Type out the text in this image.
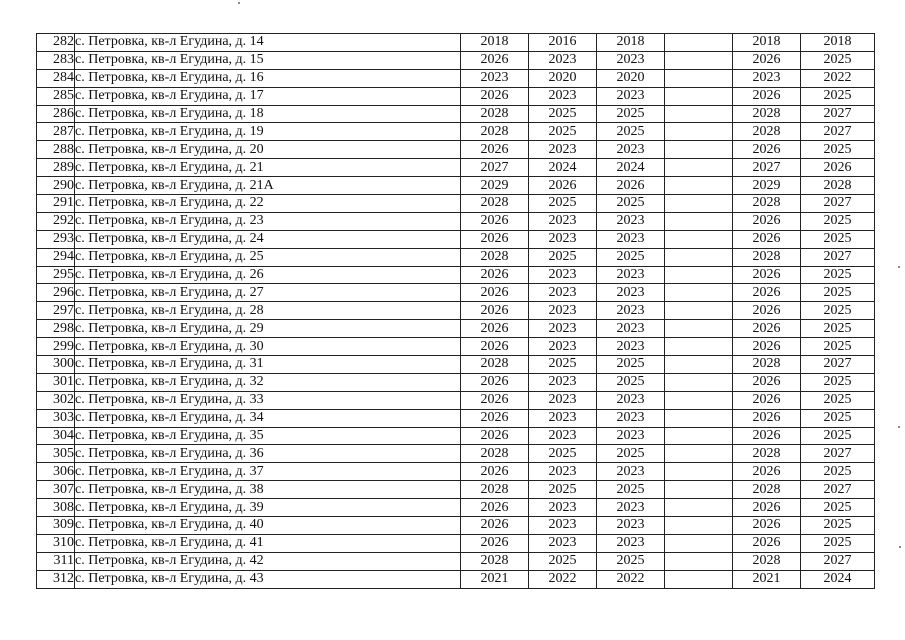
282	с. Петровка, кв-л Егудина, д. 14	2018	2016	2018		2018	2018
283	с. Петровка, кв-л Егудина, д. 15	2026	2023	2023		2026	2025
284	с. Петровка, кв-л Егудина, д. 16	2023	2020	2020		2023	2022
285	с. Петровка, кв-л Егудина, д. 17	2026	2023	2023		2026	2025
286	с. Петровка, кв-л Егудина, д. 18	2028	2025	2025		2028	2027
287	с. Петровка, кв-л Егудина, д. 19	2028	2025	2025		2028	2027
288	с. Петровка, кв-л Егудина, д. 20	2026	2023	2023		2026	2025
289	с. Петровка, кв-л Егудина, д. 21	2027	2024	2024		2027	2026
290	с. Петровка, кв-л Егудина, д. 21А	2029	2026	2026		2029	2028
291	с. Петровка, кв-л Егудина, д. 22	2028	2025	2025		2028	2027
292	с. Петровка, кв-л Егудина, д. 23	2026	2023	2023		2026	2025
293	с. Петровка, кв-л Егудина, д. 24	2026	2023	2023		2026	2025
294	с. Петровка, кв-л Егудина, д. 25	2028	2025	2025		2028	2027
295	с. Петровка, кв-л Егудина, д. 26	2026	2023	2023		2026	2025
296	с. Петровка, кв-л Егудина, д. 27	2026	2023	2023		2026	2025
297	с. Петровка, кв-л Егудина, д. 28	2026	2023	2023		2026	2025
298	с. Петровка, кв-л Егудина, д. 29	2026	2023	2023		2026	2025
299	с. Петровка, кв-л Егудина, д. 30	2026	2023	2023		2026	2025
300	с. Петровка, кв-л Егудина, д. 31	2028	2025	2025		2028	2027
301	с. Петровка, кв-л Егудина, д. 32	2026	2023	2025		2026	2025
302	с. Петровка, кв-л Егудина, д. 33	2026	2023	2023		2026	2025
303	с. Петровка, кв-л Егудина, д. 34	2026	2023	2023		2026	2025
304	с. Петровка, кв-л Егудина, д. 35	2026	2023	2023		2026	2025
305	с. Петровка, кв-л Егудина, д. 36	2028	2025	2025		2028	2027
306	с. Петровка, кв-л Егудина, д. 37	2026	2023	2023		2026	2025
307	с. Петровка, кв-л Егудина, д. 38	2028	2025	2025		2028	2027
308	с. Петровка, кв-л Егудина, д. 39	2026	2023	2023		2026	2025
309	с. Петровка, кв-л Егудина, д. 40	2026	2023	2023		2026	2025
310	с. Петровка, кв-л Егудина, д. 41	2026	2023	2023		2026	2025
311	с. Петровка, кв-л Егудина, д. 42	2028	2025	2025		2028	2027
312	с. Петровка, кв-л Егудина, д. 43	2021	2022	2022		2021	2024
